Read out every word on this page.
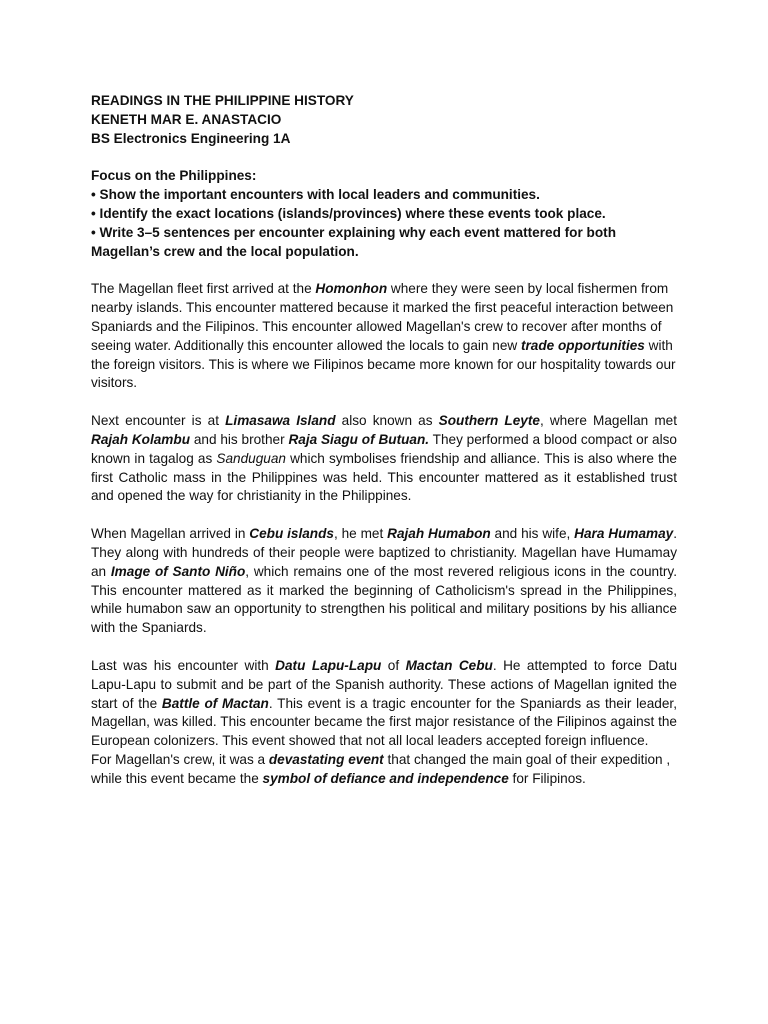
READINGS IN THE PHILIPPINE HISTORY

KENETH MAR E. ANASTACIO

BS Electronics Engineering 1A

Focus on the Philippines:

• Show the important encounters with local leaders and communities.

• Identify the exact locations (islands/provinces) where these events took place.

• Write 3–5 sentences per encounter explaining why each event mattered for both Magellan’s crew and the local population.

The Magellan fleet first arrived at the Homonhon where they were seen by local fishermen from nearby islands. This encounter mattered because it marked the first peaceful interaction between Spaniards and the Filipinos. This encounter allowed Magellan's crew to recover after months of seeing water. Additionally this encounter allowed the locals to gain new trade opportunities with the foreign visitors. This is where we Filipinos became more known for our hospitality towards our visitors.

Next encounter is at Limasawa Island also known as Southern Leyte, where Magellan met Rajah Kolambu and his brother Raja Siagu of Butuan. They performed a blood compact or also known in tagalog as Sanduguan which symbolises friendship and alliance. This is also where the first Catholic mass in the Philippines was held. This encounter mattered as it established trust and opened the way for christianity in the Philippines.

When Magellan arrived in Cebu islands, he met Rajah Humabon and his wife, Hara Humamay. They along with hundreds of their people were baptized to christianity. Magellan have Humamay an Image of Santo Niño, which remains one of the most revered religious icons in the country. This encounter mattered as it marked the beginning of Catholicism's spread in the Philippines, while humabon saw an opportunity to strengthen his political and military positions by his alliance with the Spaniards.

Last was his encounter with Datu Lapu-Lapu of Mactan Cebu. He attempted to force Datu Lapu-Lapu to submit and be part of the Spanish authority. These actions of Magellan ignited the start of the Battle of Mactan. This event is a tragic encounter for the Spaniards as their leader, Magellan, was killed. This encounter became the first major resistance of the Filipinos against the European colonizers. This event showed that not all local leaders accepted foreign influence.

For Magellan's crew, it was a devastating event that changed the main goal of their expedition , while this event became the symbol of defiance and independence for Filipinos.
